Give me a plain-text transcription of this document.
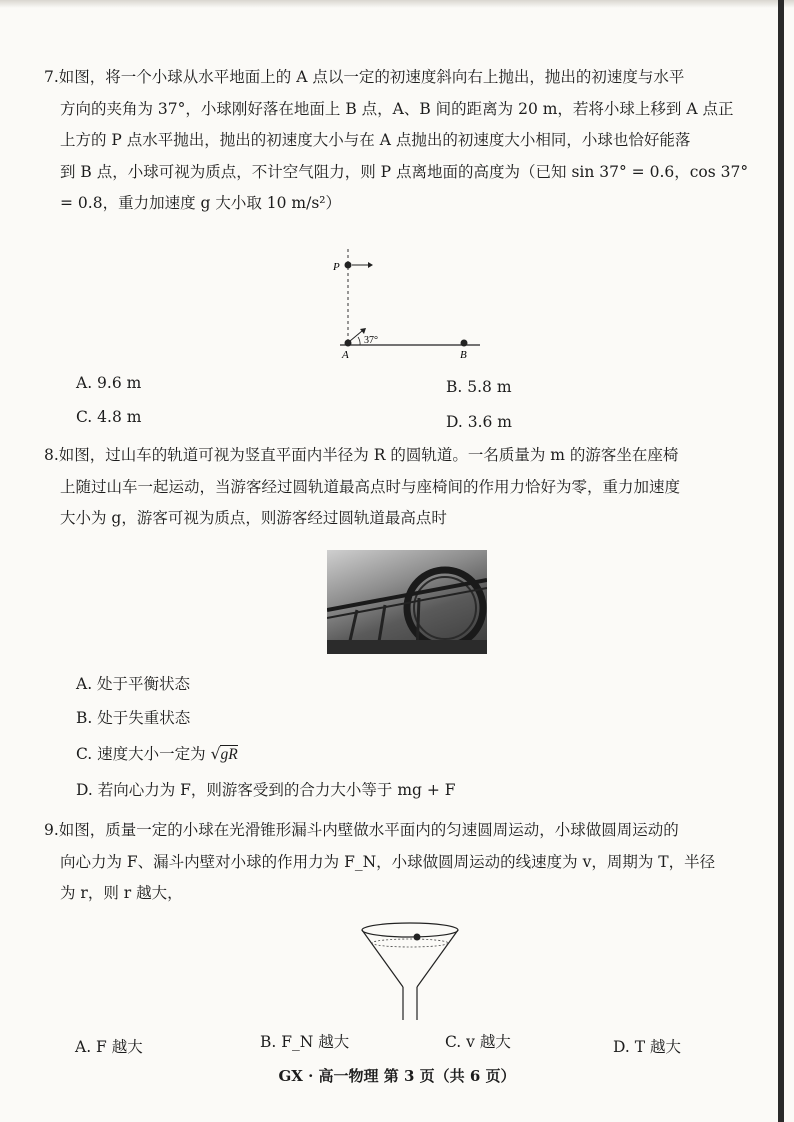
7.如图，将一个小球从水平地面上的 A 点以一定的初速度斜向右上抛出，抛出的初速度与水平
方向的夹角为 37°，小球刚好落在地面上 B 点，A、B 间的距离为 20 m，若将小球上移到 A 点正
上方的 P 点水平抛出，抛出的初速度大小与在 A 点抛出的初速度大小相同，小球也恰好能落
到 B 点，小球可视为质点，不计空气阻力，则 P 点离地面的高度为（已知 sin 37° = 0.6，cos 37°
= 0.8，重力加速度 g 大小取 10 m/s²）
P
A	B
37°
A. 9.6 m	B. 5.8 m
C. 4.8 m	D. 3.6 m
8.如图，过山车的轨道可视为竖直平面内半径为 R 的圆轨道。一名质量为 m 的游客坐在座椅
上随过山车一起运动，当游客经过圆轨道最高点时与座椅间的作用力恰好为零，重力加速度
大小为 g，游客可视为质点，则游客经过圆轨道最高点时
A. 处于平衡状态
B. 处于失重状态
C. 速度大小一定为 √gR
D. 若向心力为 F，则游客受到的合力大小等于 mg + F
9.如图，质量一定的小球在光滑锥形漏斗内壁做水平面内的匀速圆周运动，小球做圆周运动的
向心力为 F、漏斗内壁对小球的作用力为 F_N，小球做圆周运动的线速度为 v，周期为 T，半径
为 r，则 r 越大，
A. F 越大	B. F_N 越大	C. v 越大	D. T 越大
GX · 高一物理 第 3 页（共 6 页）
